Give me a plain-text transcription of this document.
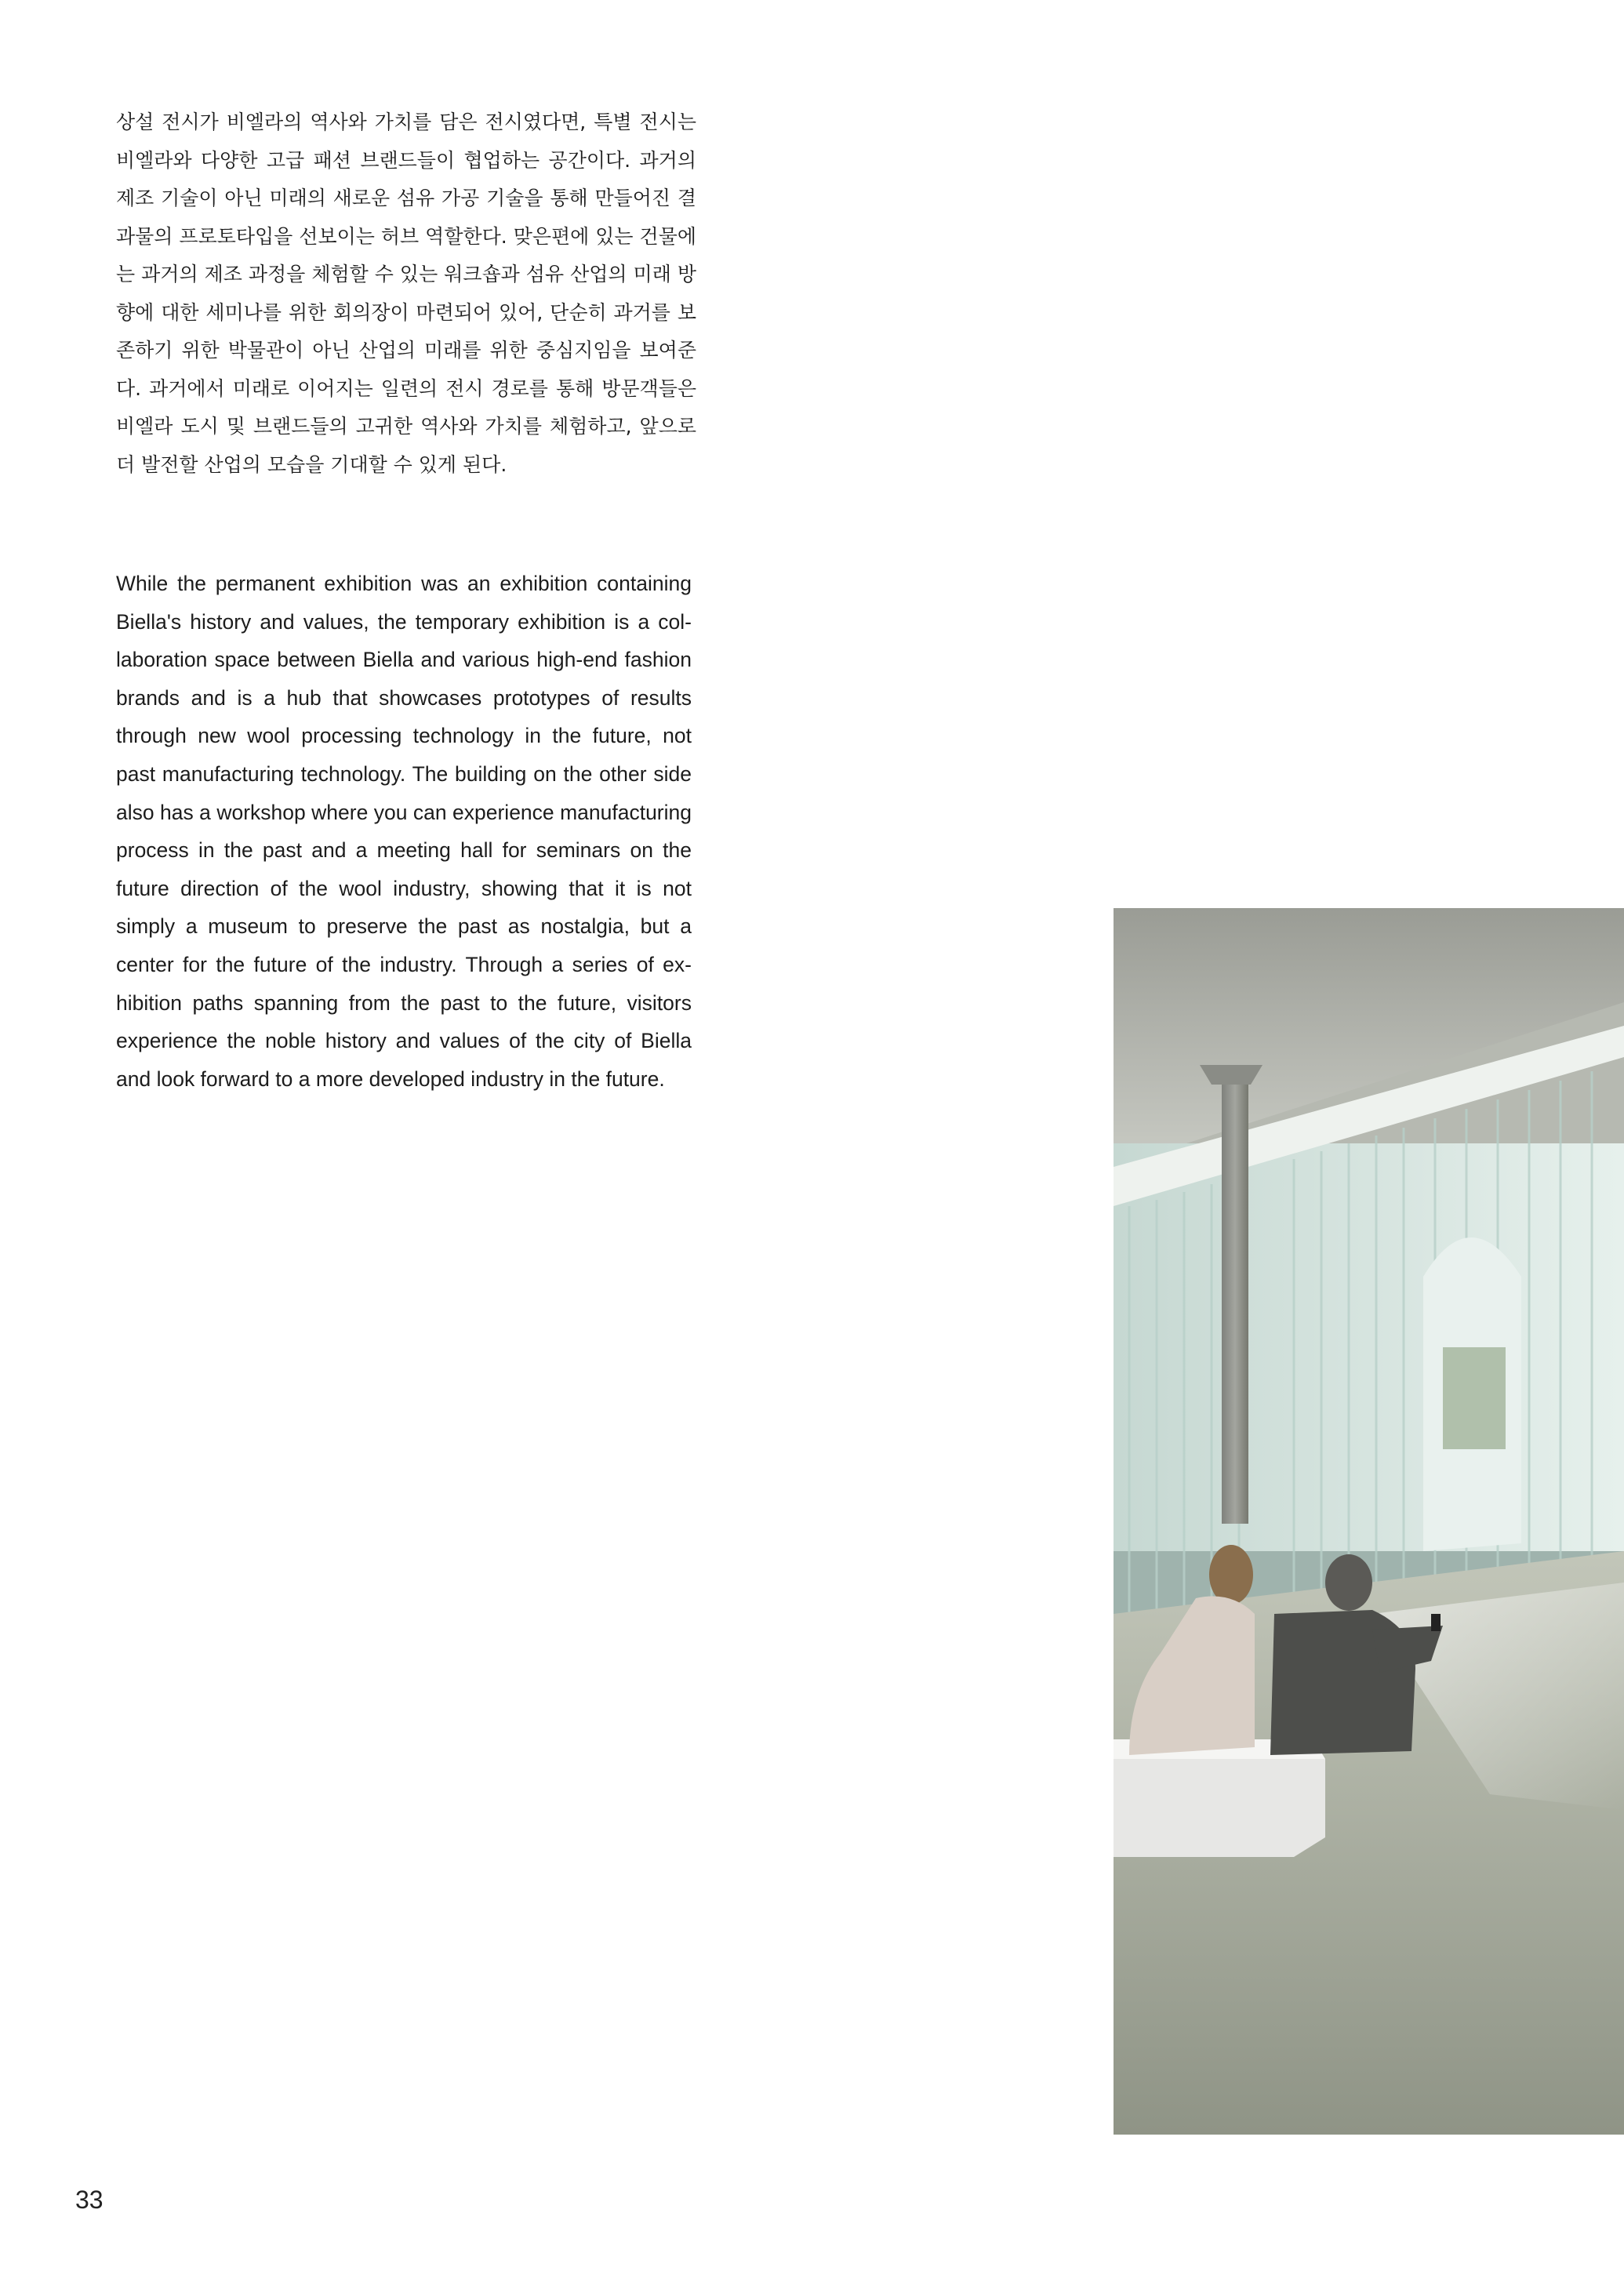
상설 전시가 비엘라의 역사와 가치를 담은 전시였다면, 특별 전시는 비엘라와 다양한 고급 패션 브랜드들이 협업하는 공간이다. 과거의 제조 기술이 아닌 미래의 새로운 섬유 가공 기술을 통해 만들어진 결과물의 프로토타입을 선보이는 허브 역할한다. 맞은편에 있는 건물에는 과거의 제조 과정을 체험할 수 있는 워크숍과 섬유 산업의 미래 방향에 대한 세미나를 위한 회의장이 마련되어 있어, 단순히 과거를 보존하기 위한 박물관이 아닌 산업의 미래를 위한 중심지임을 보여준다. 과거에서 미래로 이어지는 일련의 전시 경로를 통해 방문객들은 비엘라 도시 및 브랜드들의 고귀한 역사와 가치를 체험하고, 앞으로 더 발전할 산업의 모습을 기대할 수 있게 된다.

While the permanent exhibition was an exhibition containing Biella's history and values, the temporary exhibition is a collaboration space between Biella and various high-end fashion brands and is a hub that showcases prototypes of results through new wool processing technology in the future, not past manufacturing technology. The building on the other side also has a workshop where you can experience manufacturing process in the past and a meeting hall for seminars on the future direction of the wool industry, showing that it is not simply a museum to preserve the past as nostalgia, but a center for the future of the industry. Through a series of exhibition paths spanning from the past to the future, visitors experience the noble history and values of the city of Biella and look forward to a more developed industry in the future.

33
